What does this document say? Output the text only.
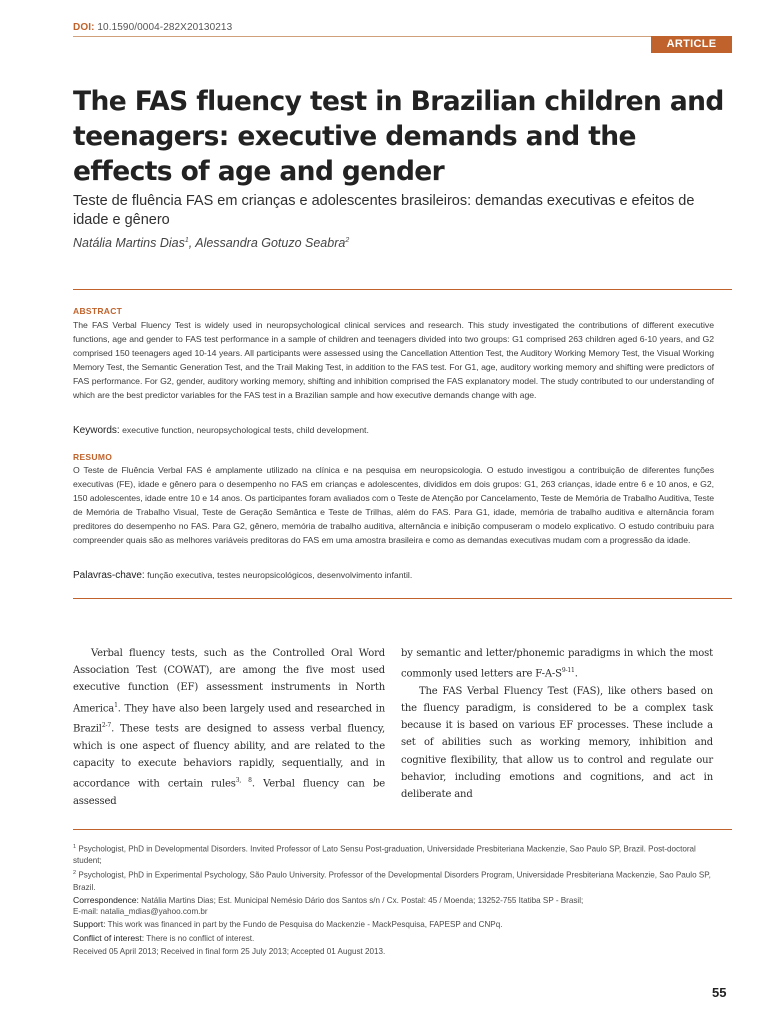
DOI: 10.1590/0004-282X20130213
ARTICLE
The FAS fluency test in Brazilian children and teenagers: executive demands and the effects of age and gender
Teste de fluência FAS em crianças e adolescentes brasileiros: demandas executivas e efeitos de idade e gênero
Natália Martins Dias$^1$, Alessandra Gotuzo Seabra$^2$
ABSTRACT
The FAS Verbal Fluency Test is widely used in neuropsychological clinical services and research. This study investigated the contributions of different executive functions, age and gender to FAS test performance in a sample of children and teenagers divided into two groups: G1 comprised 263 children aged 6-10 years, and G2 comprised 150 teenagers aged 10-14 years. All participants were assessed using the Cancellation Attention Test, the Auditory Working Memory Test, the Visual Working Memory Test, the Semantic Generation Test, and the Trail Making Test, in addition to the FAS test. For G1, age, auditory working memory and shifting were predictors of FAS performance. For G2, gender, auditory working memory, shifting and inhibition comprised the FAS explanatory model. The study contributed to our understanding of which are the best predictor variables for the FAS test in a Brazilian sample and how executive demands change with age.
Keywords: executive function, neuropsychological tests, child development.
RESUMO
O Teste de Fluência Verbal FAS é amplamente utilizado na clínica e na pesquisa em neuropsicologia. O estudo investigou a contribuição de diferentes funções executivas (FE), idade e gênero para o desempenho no FAS em crianças e adolescentes, divididos em dois grupos: G1, 263 crianças, idade entre 6 e 10 anos, e G2, 150 adolescentes, idade entre 10 e 14 anos. Os participantes foram avaliados com o Teste de Atenção por Cancelamento, Teste de Memória de Trabalho Auditiva, Teste de Memória de Trabalho Visual, Teste de Geração Semântica e Teste de Trilhas, além do FAS. Para G1, idade, memória de trabalho auditiva e alternância foram preditores do desempenho no FAS. Para G2, gênero, memória de trabalho auditiva, alternância e inibição compuseram o modelo explicativo. O estudo contribuiu para compreender quais são as melhores variáveis preditoras do FAS em uma amostra brasileira e como as demandas executivas mudam com a progressão da idade.
Palavras-chave: função executiva, testes neuropsicológicos, desenvolvimento infantil.

Verbal fluency tests, such as the Controlled Oral Word Association Test (COWAT), are among the five most used executive function (EF) assessment instruments in North America$^1$. They have also been largely used and researched in Brazil$^{2-7}$. These tests are designed to assess verbal fluency, which is one aspect of fluency ability, and are related to the capacity to execute behaviors rapidly, sequentially, and in accordance with certain rules$^{3, 8}$. Verbal fluency can be assessed

by semantic and letter/phonemic paradigms in which the most commonly used letters are $F-A-S^{9-11}$.

The FAS Verbal Fluency Test (FAS), like others based on the fluency paradigm, is considered to be a complex task because it is based on various EF processes. These include a set of abilities such as working memory, inhibition and cognitive flexibility, that allow us to control and regulate our behavior, including emotions and cognitions, and act in deliberate and

$^1$ Psychologist, PhD in Developmental Disorders. Invited Professor of Lato Sensu Post-graduation, Universidade Presbiteriana Mackenzie, Sao Paulo SP, Brazil. Post-doctoral student;
$^2$ Psychologist, PhD in Experimental Psychology, São Paulo University. Professor of the Developmental Disorders Program, Universidade Presbiteriana Mackenzie, Sao Paulo SP, Brazil.
Correspondence: Natália Martins Dias; Est. Municipal Nemésio Dário dos Santos s/n / Cx. Postal: 45 / Moenda; 13252-755 Itatiba SP - Brasil;
E-mail: natalia_mdias@yahoo.com.br
Support: This work was financed in part by the Fundo de Pesquisa do Mackenzie - MackPesquisa, FAPESP and CNPq.
Conflict of interest: There is no conflict of interest.
Received 05 April 2013; Received in final form 25 July 2013; Accepted 01 August 2013.
55
